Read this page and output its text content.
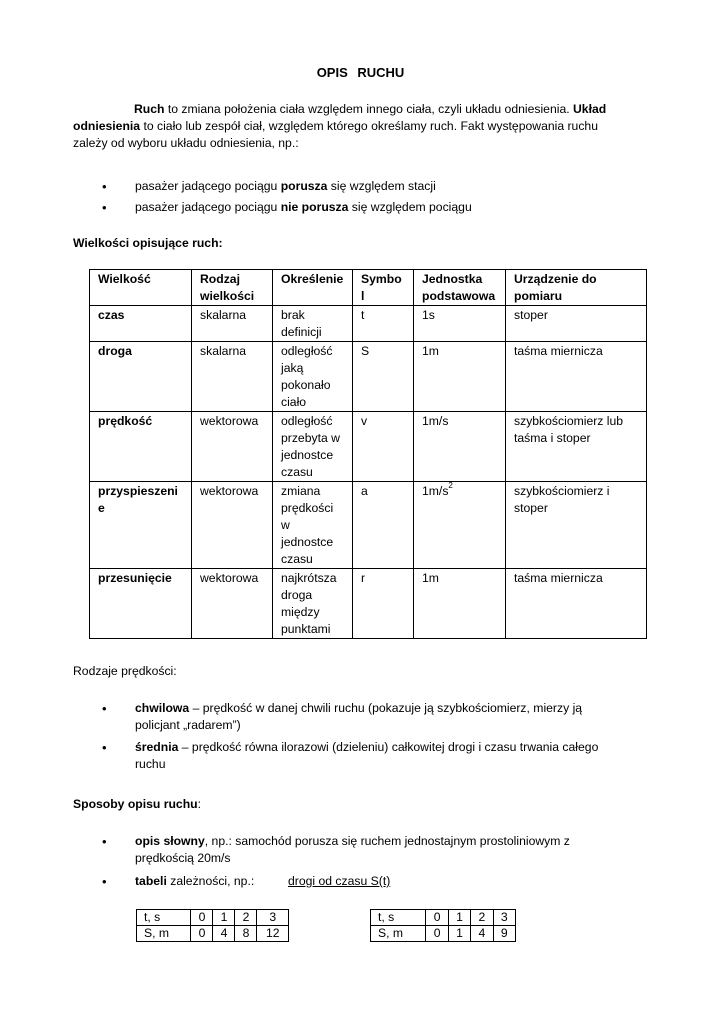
OPIS RUCHU
Ruch to zmiana położenia ciała względem innego ciała, czyli układu odniesienia. Układ odniesienia to ciało lub zespół ciał, względem którego określamy ruch. Fakt występowania ruchu zależy od wyboru układu odniesienia, np.:
• pasażer jadącego pociągu porusza się względem stacji
• pasażer jadącego pociągu nie porusza się względem pociągu
Wielkości opisujące ruch:
Wielkość	Rodzaj wielkości	Określenie	Symbol	Jednostka podstawowa	Urządzenie do pomiaru
czas	skalarna	brak definicji	t	1s	stoper
droga	skalarna	odległość jaką pokonało ciało	S	1m	taśma miernicza
prędkość	wektorowa	odległość przebyta w jednostce czasu	v	1m/s	szybkościomierz lub taśma i stoper
przyspieszenie	wektorowa	zmiana prędkości w jednostce czasu	a	$1m/s^2$	szybkościomierz i stoper
przesunięcie	wektorowa	najkrótsza droga między punktami	r	1m	taśma miernicza
Rodzaje prędkości:
• chwilowa – prędkość w danej chwili ruchu (pokazuje ją szybkościomierz, mierzy ją policjant „radarem”)
• średnia – prędkość równa ilorazowi (dzieleniu) całkowitej drogi i czasu trwania całego ruchu
Sposoby opisu ruchu:
• opis słowny, np.: samochód porusza się ruchem jednostajnym prostoliniowym z prędkością 20m/s
• tabeli zależności, np.:	drogi od czasu S(t)
t, s	0	1	2	3
S, m	0	4	8	12
t, s	0	1	2	3
S, m	0	1	4	9
